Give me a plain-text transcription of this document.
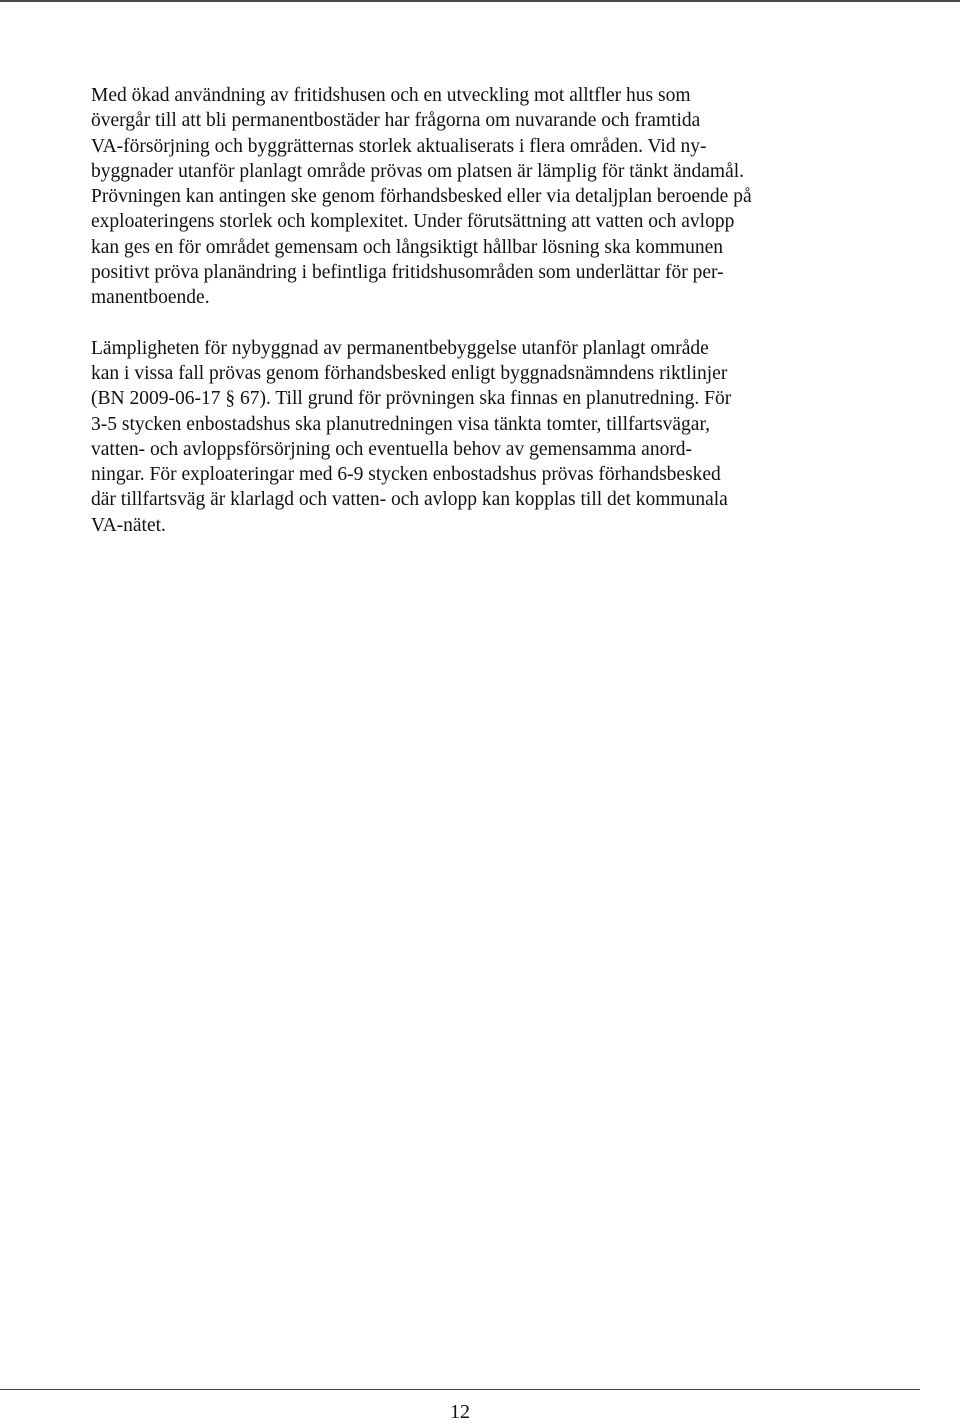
Med ökad användning av fritidshusen och en utveckling mot alltfler hus som
övergår till att bli permanentbostäder har frågorna om nuvarande och framtida
VA-försörjning och byggrätternas storlek aktualiserats i flera områden. Vid ny-
byggnader utanför planlagt område prövas om platsen är lämplig för tänkt ändamål.
Prövningen kan antingen ske genom förhandsbesked eller via detaljplan beroende på
exploateringens storlek och komplexitet. Under förutsättning att vatten och avlopp
kan ges en för området gemensam och långsiktigt hållbar lösning ska kommunen
positivt pröva planändring i befintliga fritidshusområden som underlättar för per-
manentboende.

Lämpligheten för nybyggnad av permanentbebyggelse utanför planlagt område
kan i vissa fall prövas genom förhandsbesked enligt byggnadsnämndens riktlinjer
(BN 2009-06-17 § 67). Till grund för prövningen ska finnas en planutredning. För
3-5 stycken enbostadshus ska planutredningen visa tänkta tomter, tillfartsvägar,
vatten- och avloppsförsörjning och eventuella behov av gemensamma anord-
ningar. För exploateringar med 6-9 stycken enbostadshus prövas förhandsbesked
där tillfartsväg är klarlagd och vatten- och avlopp kan kopplas till det kommunala
VA-nätet.

12
